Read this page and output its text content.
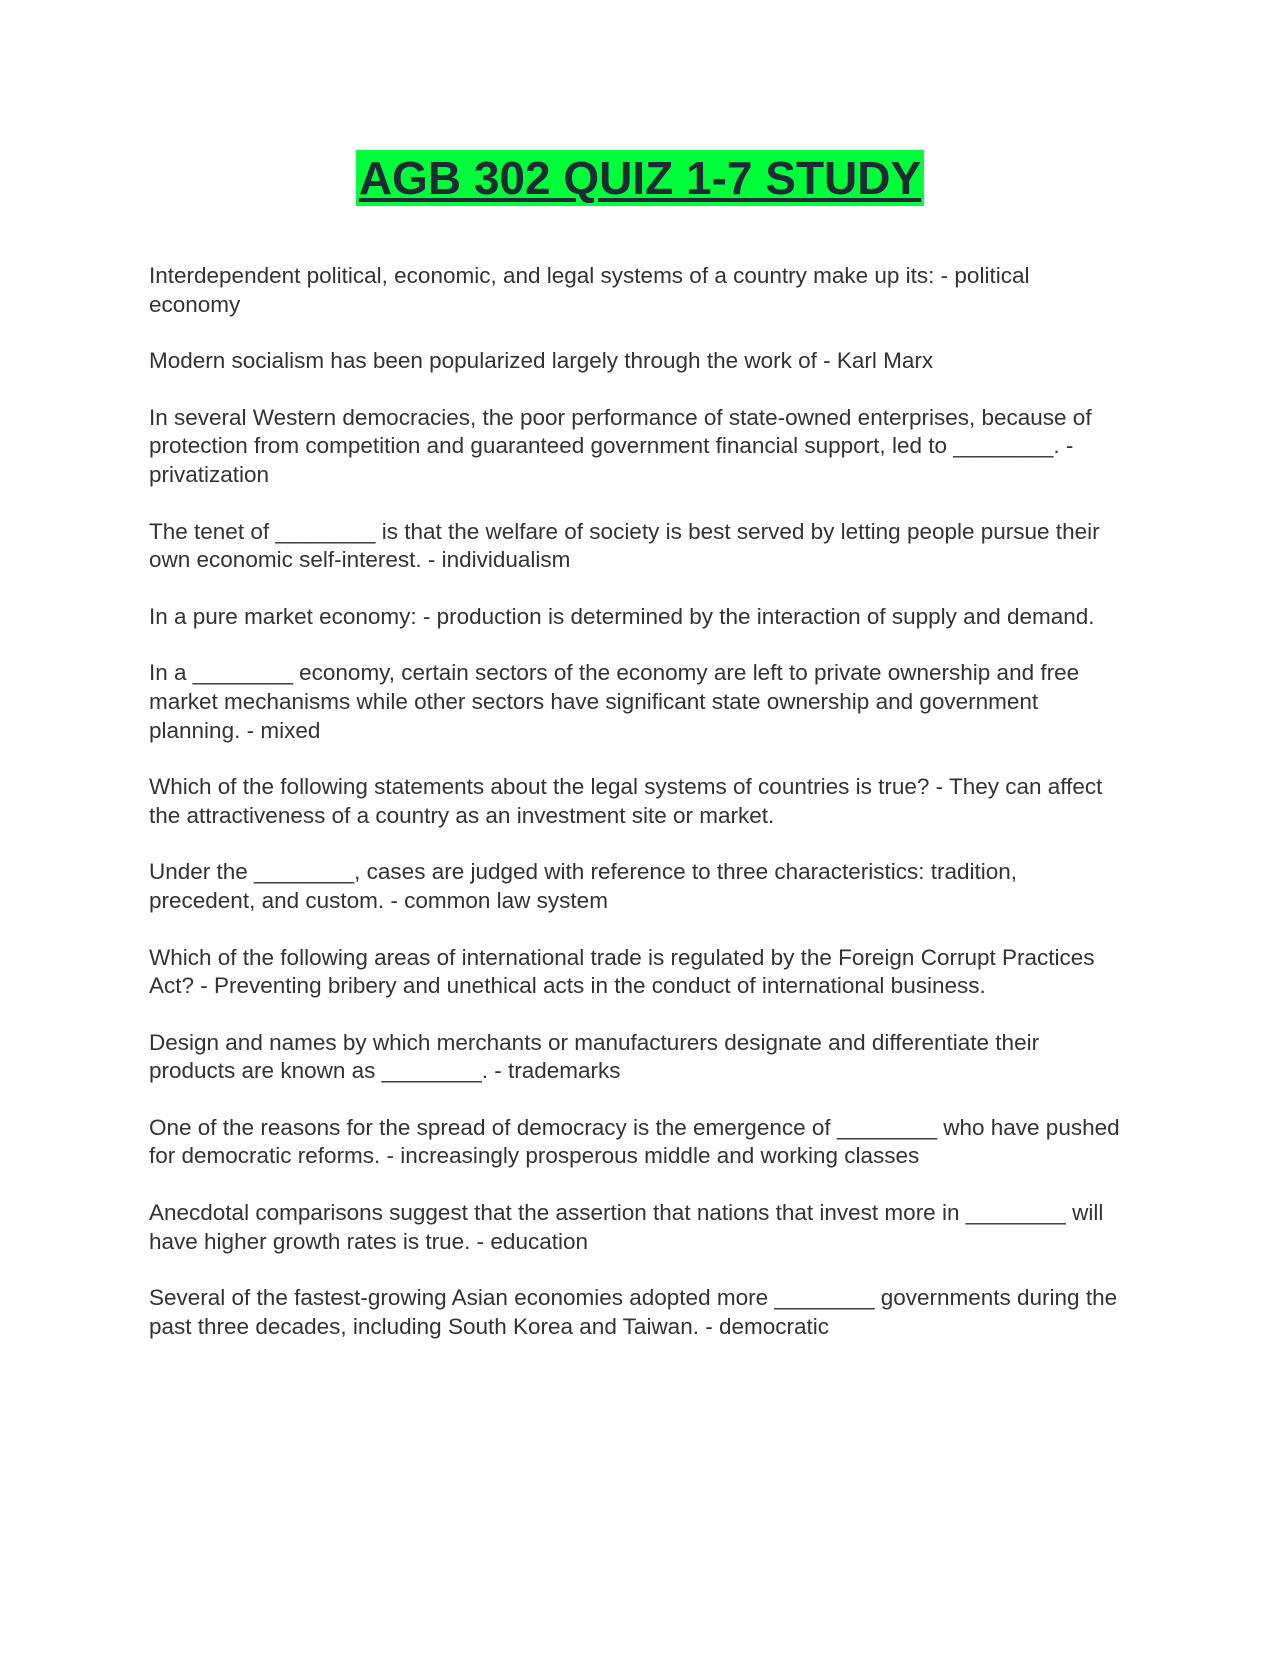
AGB 302 QUIZ 1-7 STUDY

Interdependent political, economic, and legal systems of a country make up its: - political economy

Modern socialism has been popularized largely through the work of - Karl Marx

In several Western democracies, the poor performance of state-owned enterprises, because of protection from competition and guaranteed government financial support, led to ________. - privatization

The tenet of ________ is that the welfare of society is best served by letting people pursue their own economic self-interest. - individualism

In a pure market economy: - production is determined by the interaction of supply and demand.

In a ________ economy, certain sectors of the economy are left to private ownership and free market mechanisms while other sectors have significant state ownership and government planning. - mixed

Which of the following statements about the legal systems of countries is true? - They can affect the attractiveness of a country as an investment site or market.

Under the ________, cases are judged with reference to three characteristics: tradition, precedent, and custom. - common law system

Which of the following areas of international trade is regulated by the Foreign Corrupt Practices Act? - Preventing bribery and unethical acts in the conduct of international business.

Design and names by which merchants or manufacturers designate and differentiate their products are known as ________. - trademarks

One of the reasons for the spread of democracy is the emergence of ________ who have pushed for democratic reforms. - increasingly prosperous middle and working classes

Anecdotal comparisons suggest that the assertion that nations that invest more in ________ will have higher growth rates is true. - education

Several of the fastest-growing Asian economies adopted more ________ governments during the past three decades, including South Korea and Taiwan. - democratic
